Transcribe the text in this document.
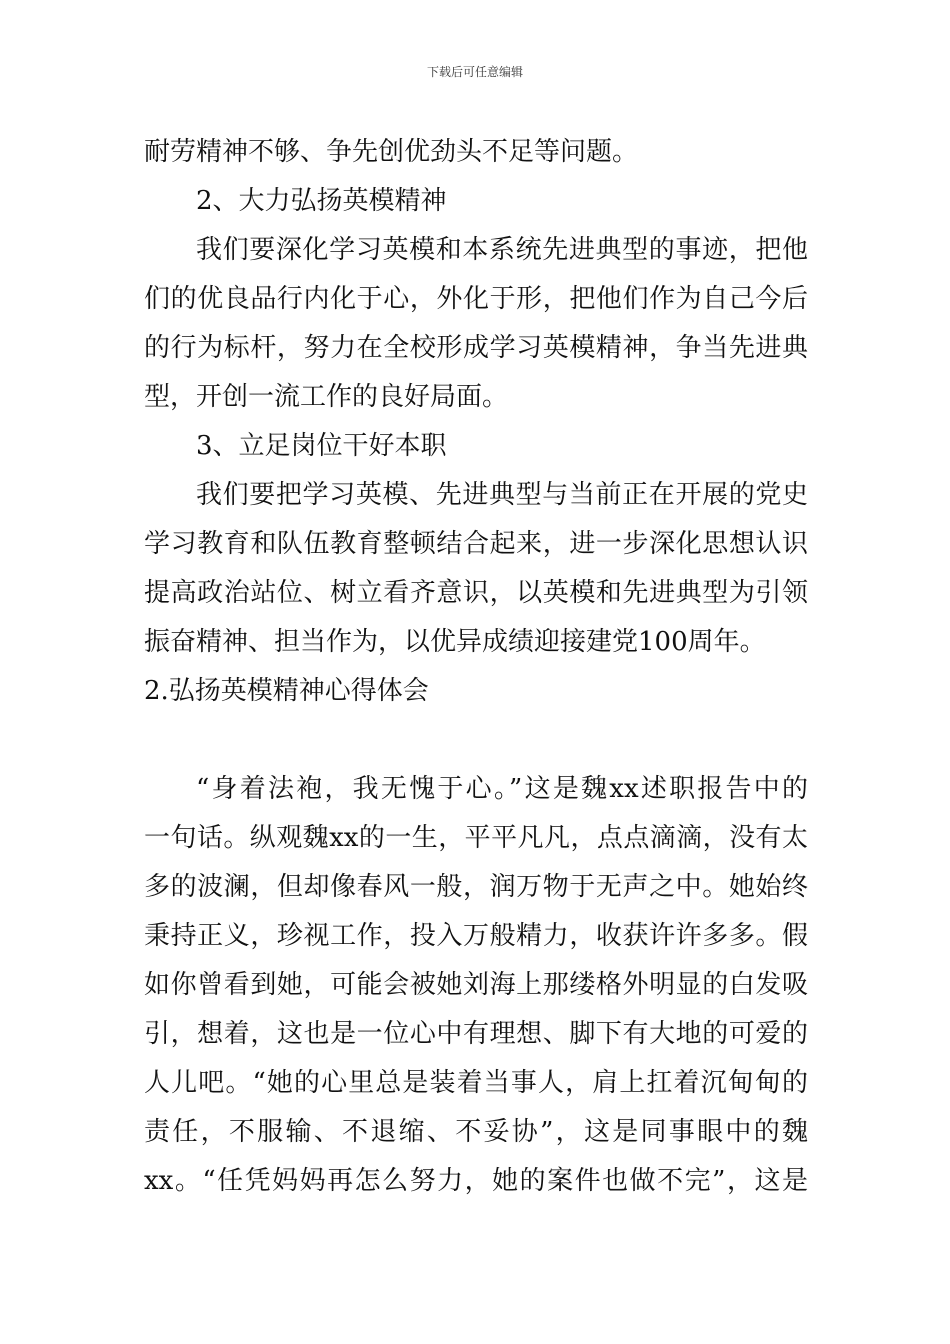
下载后可任意编辑
耐劳精神不够、争先创优劲头不足等问题。
2、大力弘扬英模精神
我们要深化学习英模和本系统先进典型的事迹，把他
们的优良品行内化于心，外化于形，把他们作为自己今后
的行为标杆，努力在全校形成学习英模精神，争当先进典
型，开创一流工作的良好局面。
3、立足岗位干好本职
我们要把学习英模、先进典型与当前正在开展的党史
学习教育和队伍教育整顿结合起来，进一步深化思想认识
提高政治站位、树立看齐意识，以英模和先进典型为引领
振奋精神、担当作为，以优异成绩迎接建党100周年。
2.弘扬英模精神心得体会
“身着法袍，我无愧于心。”这是魏xx述职报告中的
一句话。纵观魏xx的一生，平平凡凡，点点滴滴，没有太
多的波澜，但却像春风一般，润万物于无声之中。她始终
秉持正义，珍视工作，投入万般精力，收获许许多多。假
如你曾看到她，可能会被她刘海上那缕格外明显的白发吸
引，想着，这也是一位心中有理想、脚下有大地的可爱的
人儿吧。“她的心里总是装着当事人，肩上扛着沉甸甸的
责任，不服输、不退缩、不妥协”，这是同事眼中的魏
xx。“任凭妈妈再怎么努力，她的案件也做不完”，这是
